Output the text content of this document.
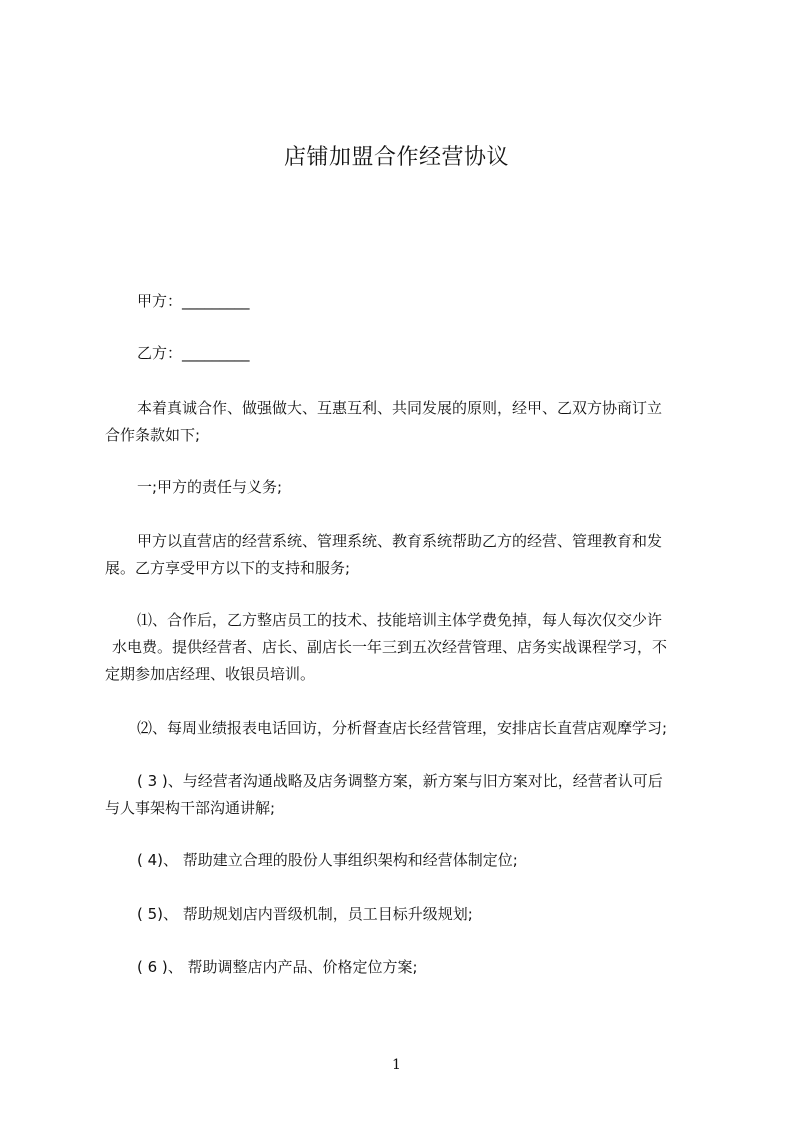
店铺加盟合作经营协议
甲方：_________
乙方：_________
本着真诚合作、做强做大、互惠互利、共同发展的原则，经甲、乙双方协商订立
合作条款如下;
一;甲方的责任与义务;
甲方以直营店的经营系统、管理系统、教育系统帮助乙方的经营、管理教育和发
展。乙方享受甲方以下的支持和服务;
⑴、合作后，乙方整店员工的技术、技能培训主体学费免掉，每人每次仅交少许
水电费。提供经营者、店长、副店长一年三到五次经营管理、店务实战课程学习，不
定期参加店经理、收银员培训。
⑵、每周业绩报表电话回访，分析督查店长经营管理，安排店长直营店观摩学习;
( 3 )、与经营者沟通战略及店务调整方案，新方案与旧方案对比，经营者认可后
与人事架构干部沟通讲解;
( 4)、 帮助建立合理的股份人事组织架构和经营体制定位;
( 5)、 帮助规划店内晋级机制，员工目标升级规划;
( 6 )、 帮助调整店内产品、价格定位方案;
1
